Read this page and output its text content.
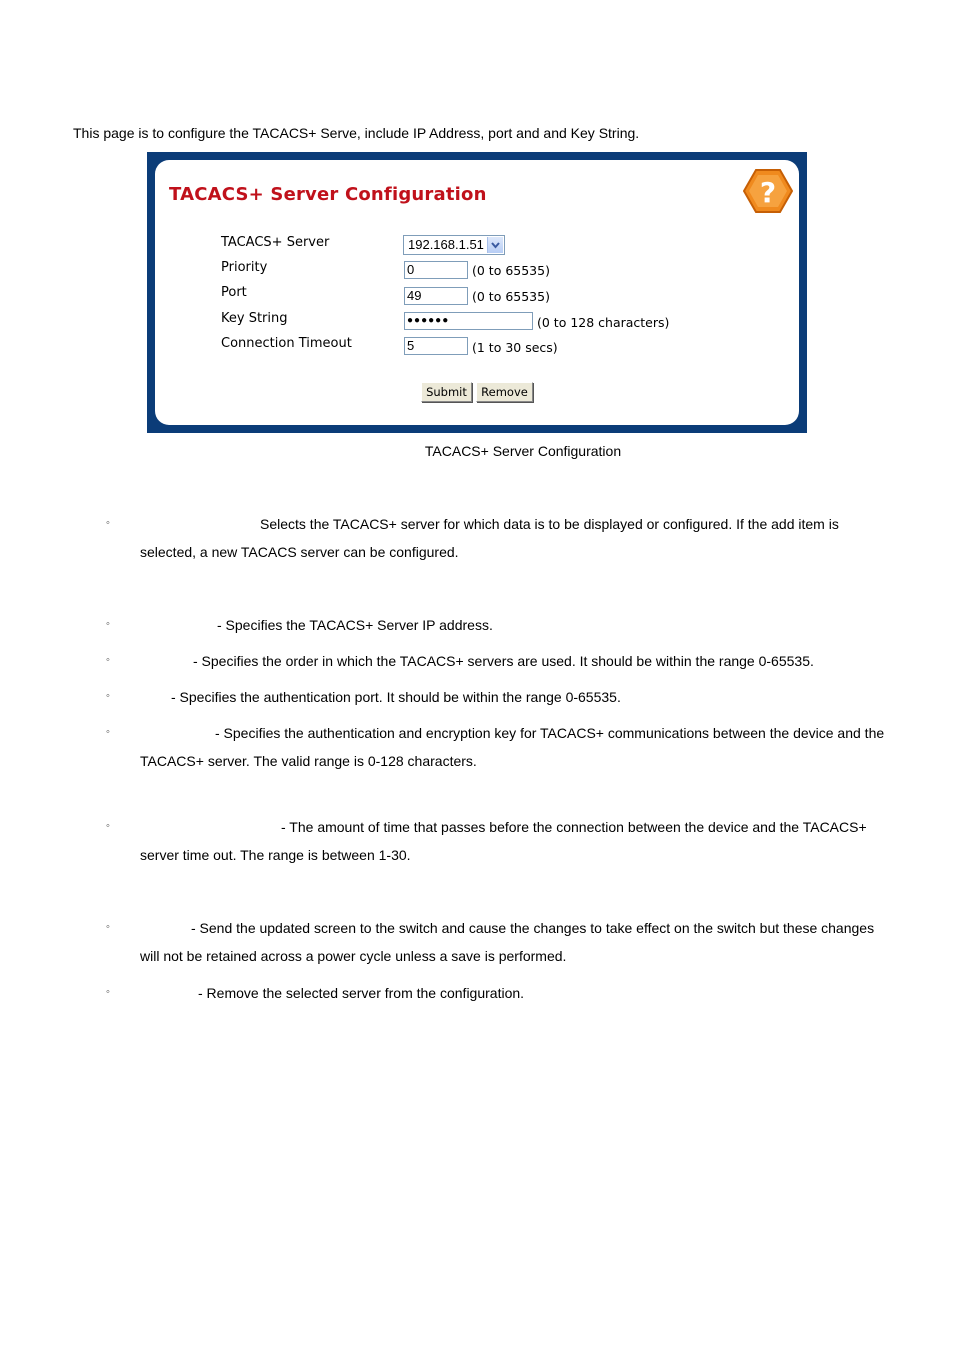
This page is to configure the TACACS+ Serve, include IP Address, port and and Key String.

TACACS+ Server Configuration	?
TACACS+ Server	192.168.1.51
Priority	0	(0 to 65535)
Port	49	(0 to 65535)
Key String	●●●●●●	(0 to 128 characters)
Connection Timeout	5	(1 to 30 secs)
Submit	Remove

TACACS+ Server Configuration

◦	Selects the TACACS+ server for which data is to be displayed or configured. If the add item is selected, a new TACACS server can be configured.

◦	- Specifies the TACACS+ Server IP address.

◦	- Specifies the order in which the TACACS+ servers are used. It should be within the range 0-65535.

◦	- Specifies the authentication port. It should be within the range 0-65535.

◦	- Specifies the authentication and encryption key for TACACS+ communications between the device and the TACACS+ server. The valid range is 0-128 characters.

◦	- The amount of time that passes before the connection between the device and the TACACS+ server time out. The range is between 1-30.

◦	- Send the updated screen to the switch and cause the changes to take effect on the switch but these changes will not be retained across a power cycle unless a save is performed.

◦	- Remove the selected server from the configuration.
